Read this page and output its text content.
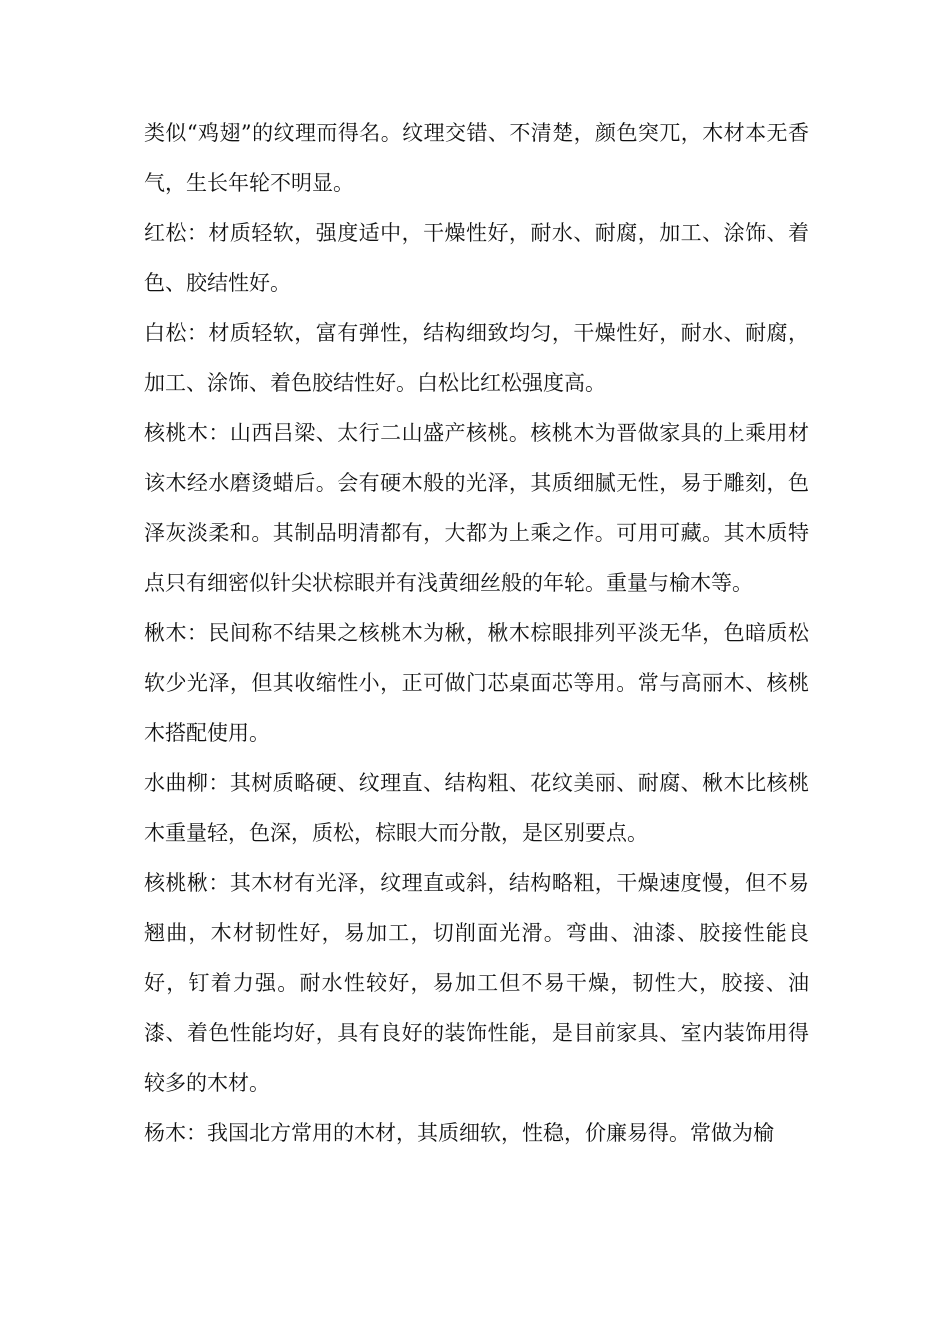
类似“鸡翅”的纹理而得名。纹理交错、不清楚，颜色突兀，木材本无香气，生长年轮不明显。

红松：材质轻软，强度适中，干燥性好，耐水、耐腐，加工、涂饰、着色、胶结性好。

白松：材质轻软，富有弹性，结构细致均匀，干燥性好，耐水、耐腐，加工、涂饰、着色胶结性好。白松比红松强度高。

核桃木：山西吕梁、太行二山盛产核桃。核桃木为晋做家具的上乘用材该木经水磨烫蜡后。会有硬木般的光泽，其质细腻无性，易于雕刻，色泽灰淡柔和。其制品明清都有，大都为上乘之作。可用可藏。其木质特点只有细密似针尖状棕眼并有浅黄细丝般的年轮。重量与榆木等。

楸木：民间称不结果之核桃木为楸，楸木棕眼排列平淡无华，色暗质松软少光泽，但其收缩性小，正可做门芯桌面芯等用。常与高丽木、核桃木搭配使用。

水曲柳：其树质略硬、纹理直、结构粗、花纹美丽、耐腐、楸木比核桃木重量轻，色深，质松，棕眼大而分散，是区别要点。

核桃楸：其木材有光泽，纹理直或斜，结构略粗，干燥速度慢，但不易翘曲，木材韧性好，易加工，切削面光滑。弯曲、油漆、胶接性能良好，钉着力强。耐水性较好，易加工但不易干燥，韧性大，胶接、油漆、着色性能均好，具有良好的装饰性能，是目前家具、室内装饰用得较多的木材。

杨木：我国北方常用的木材，其质细软，性稳，价廉易得。常做为榆
